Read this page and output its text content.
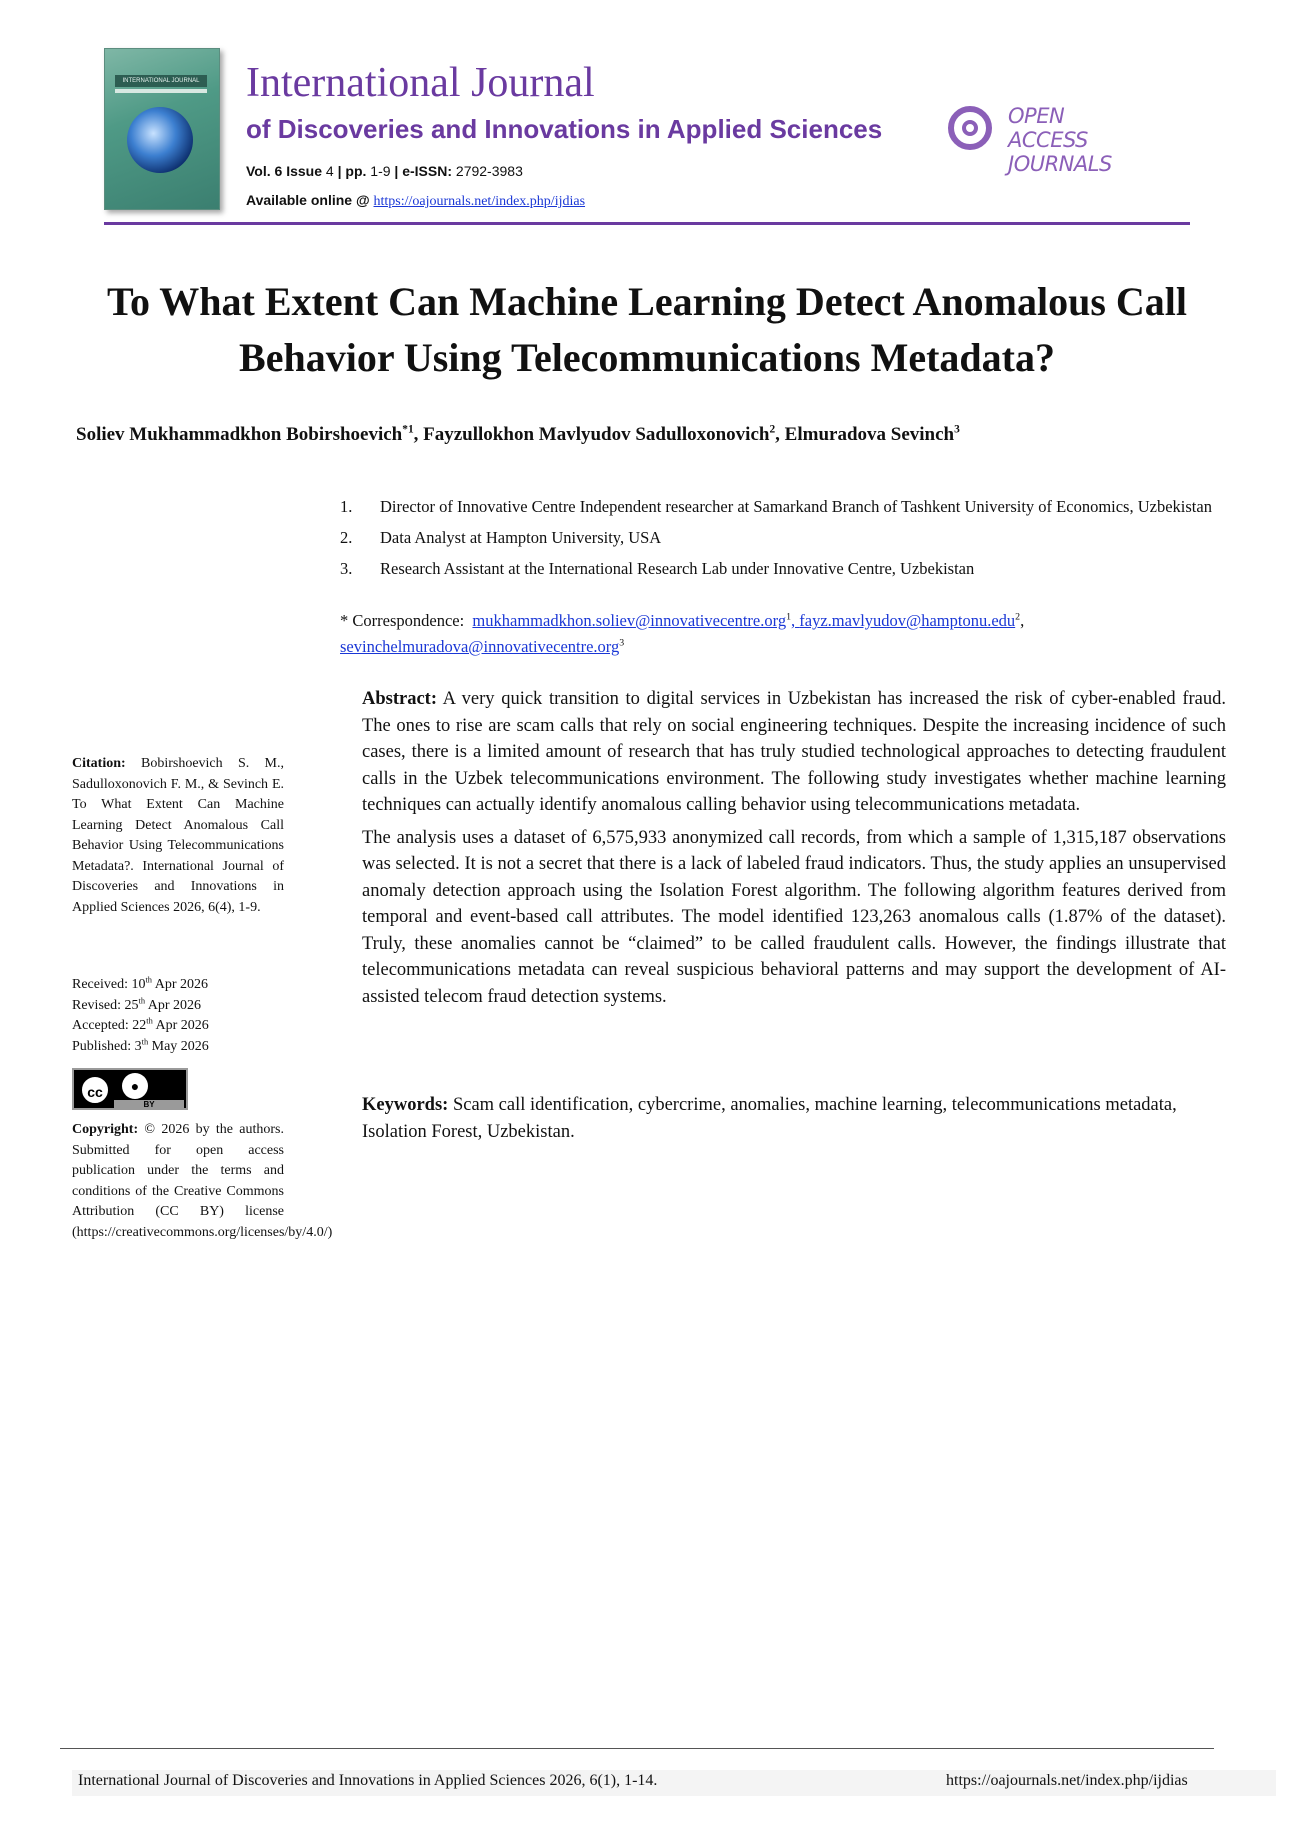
INTERNATIONAL JOURNAL International Journal
of Discoveries and Innovations in Applied Sciences
Vol. 6 Issue 4 | pp. 1-9 | e-ISSN: 2792-3983
Available online @ https://oajournals.net/index.php/ijdias
OPEN
ACCESS JOURNALS
To What Extent Can Machine Learning Detect Anomalous Call Behavior Using Telecommunications Metadata?
Soliev Mukhammadkhon Bobirshoevich$^{*1}$, Fayzullokhon Mavlyudov Sadulloxonovich$^2$, Elmuradova Sevinch$^3$
1.	Director of Innovative Centre Independent researcher at Samarkand Branch of Tashkent University of Economics, Uzbekistan
2.	Data Analyst at Hampton University, USA
3.	Research Assistant at the International Research Lab under Innovative Centre, Uzbekistan
* Correspondence: mukhammadkhon.soliev@innovativecentre.org$^1$, fayz.mavlyudov@hamptonu.edu$^2$,
sevinchelmuradova@innovativecentre.org$^3$
Citation: Bobirshoevich S. M., Sadulloxonovich F. M., & Sevinch E. To What Extent Can Machine Learning Detect Anomalous Call Behavior Using Telecommunications Metadata?. International Journal of Discoveries and Innovations in Applied Sciences 2026, 6(4), 1-9.
Received: 10th Apr 2026
Revised: 25th Apr 2026
Accepted: 22th Apr 2026
Published: 3th May 2026
cc	●
BY
Copyright: © 2026 by the authors. Submitted for open access publication under the terms and conditions of the Creative Commons Attribution (CC BY) license (https://creativecommons.org/licenses/by/4.0/)

Abstract: A very quick transition to digital services in Uzbekistan has increased the risk of cyber-enabled fraud. The ones to rise are scam calls that rely on social engineering techniques. Despite the increasing incidence of such cases, there is a limited amount of research that has truly studied technological approaches to detecting fraudulent calls in the Uzbek telecommunications environment. The following study investigates whether machine learning techniques can actually identify anomalous calling behavior using telecommunications metadata.

The analysis uses a dataset of 6,575,933 anonymized call records, from which a sample of 1,315,187 observations was selected. It is not a secret that there is a lack of labeled fraud indicators. Thus, the study applies an unsupervised anomaly detection approach using the Isolation Forest algorithm. The following algorithm features derived from temporal and event-based call attributes. The model identified 123,263 anomalous calls (1.87% of the dataset). Truly, these anomalies cannot be “claimed” to be called fraudulent calls. However, the findings illustrate that telecommunications metadata can reveal suspicious behavioral patterns and may support the development of AI-assisted telecom fraud detection systems.

Keywords: Scam call identification, cybercrime, anomalies, machine learning, telecommunications metadata, Isolation Forest, Uzbekistan.
International Journal of Discoveries and Innovations in Applied Sciences 2026, 6(1), 1-14.	https://oajournals.net/index.php/ijdias
